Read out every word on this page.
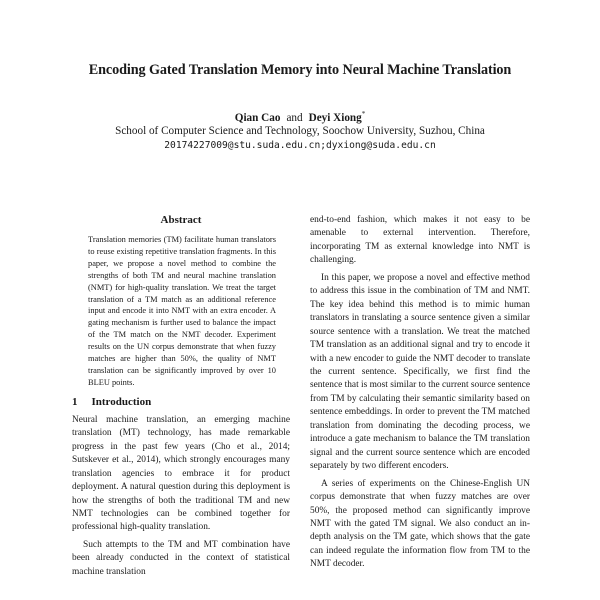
Encoding Gated Translation Memory into Neural Machine Translation
Qian Cao and Deyi Xiong*
School of Computer Science and Technology, Soochow University, Suzhou, China
20174227009@stu.suda.edu.cn;dyxiong@suda.edu.cn
Abstract

Translation memories (TM) facilitate human translators to reuse existing repetitive translation fragments. In this paper, we propose a novel method to combine the strengths of both TM and neural machine translation (NMT) for high-quality translation. We treat the target translation of a TM match as an additional reference input and encode it into NMT with an extra encoder. A gating mechanism is further used to balance the impact of the TM match on the NMT decoder. Experiment results on the UN corpus demonstrate that when fuzzy matches are higher than 50%, the quality of NMT translation can be significantly improved by over 10 BLEU points.

1 Introduction

Neural machine translation, an emerging machine translation (MT) technology, has made remarkable progress in the past few years (Cho et al., 2014; Sutskever et al., 2014), which strongly encourages many translation agencies to embrace it for product deployment. A natural question during this deployment is how the strengths of both the traditional TM and new NMT technologies can be combined together for professional high-quality translation.

Such attempts to the TM and MT combination have been already conducted in the context of statistical machine translation

end-to-end fashion, which makes it not easy to be amenable to external intervention. Therefore, incorporating TM as external knowledge into NMT is challenging.

In this paper, we propose a novel and effective method to address this issue in the combination of TM and NMT. The key idea behind this method is to mimic human translators in translating a source sentence given a similar source sentence with a translation. We treat the matched TM translation as an additional signal and try to encode it with a new encoder to guide the NMT decoder to translate the current sentence. Specifically, we first find the sentence that is most similar to the current source sentence from TM by calculating their semantic similarity based on sentence embeddings. In order to prevent the TM matched translation from dominating the decoding process, we introduce a gate mechanism to balance the TM translation signal and the current source sentence which are encoded separately by two different encoders.

A series of experiments on the Chinese-English UN corpus demonstrate that when fuzzy matches are over 50%, the proposed method can significantly improve NMT with the gated TM signal. We also conduct an in-depth analysis on the TM gate, which shows that the gate can indeed regulate the information flow from TM to the NMT decoder.
